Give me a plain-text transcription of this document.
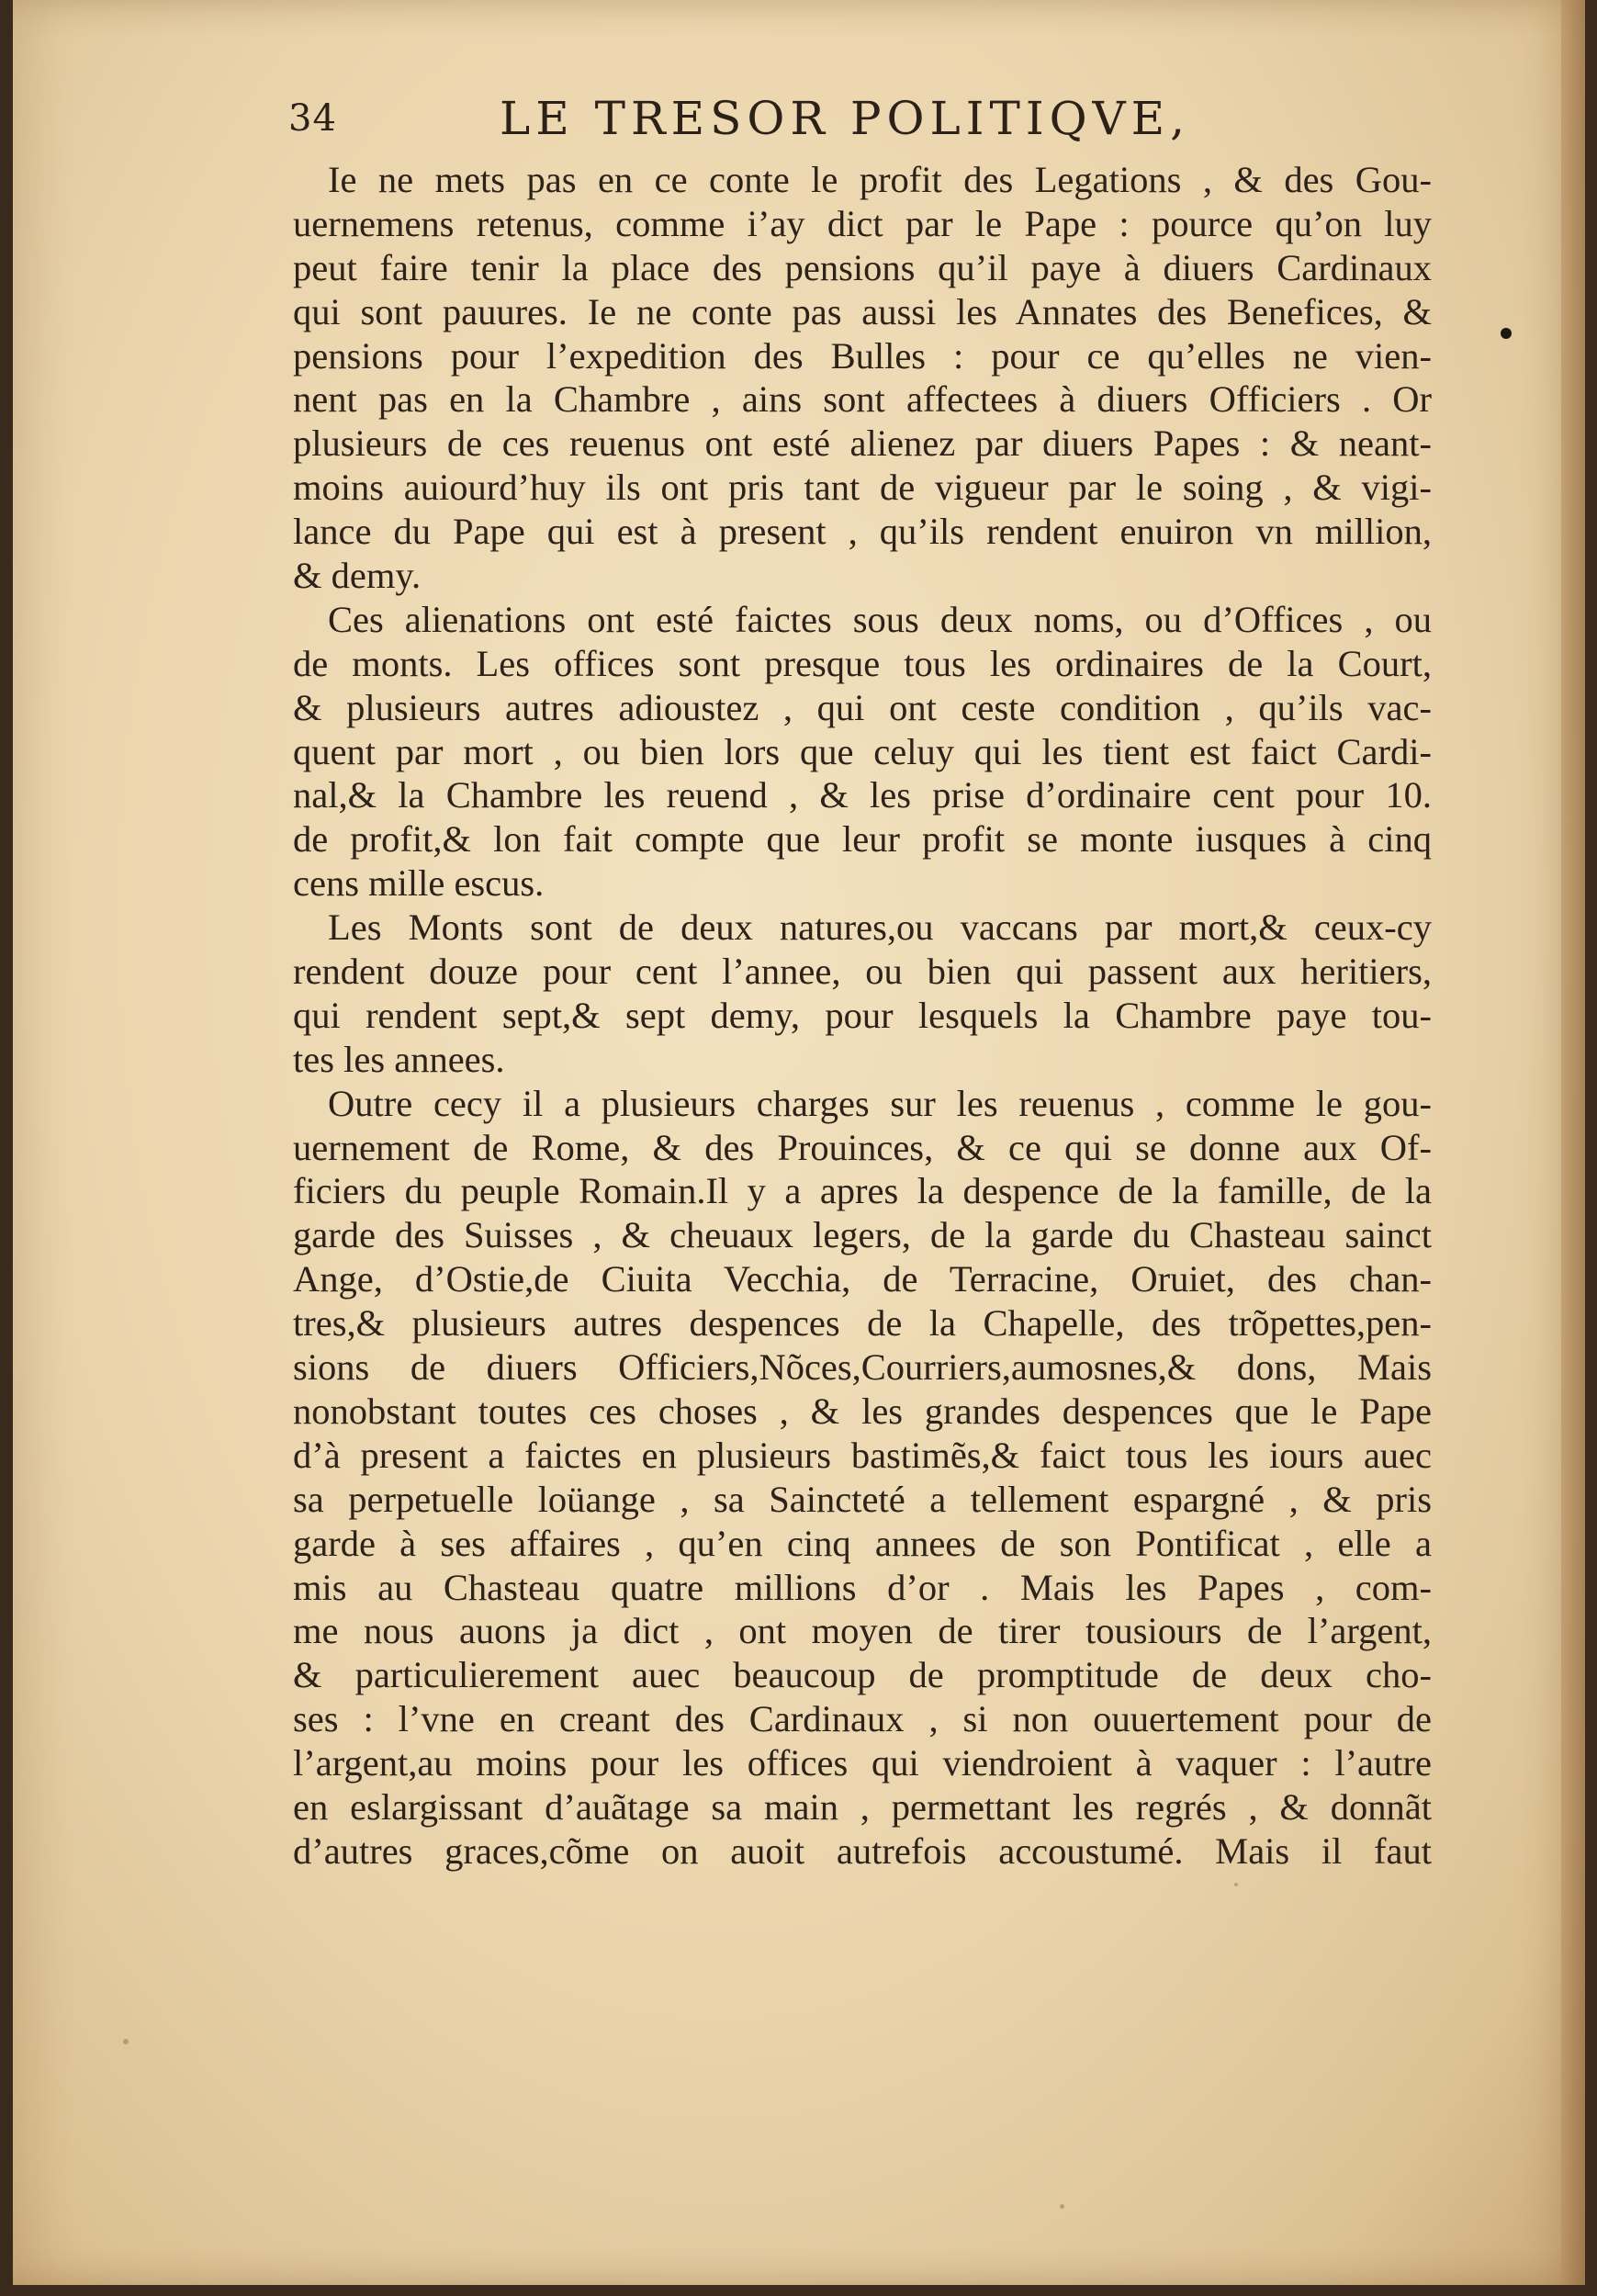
34	LE TRESOR POLITIQVE,
Ie ne mets pas en ce conte le profit des Legations , & des Gou-
uernemens retenus, comme i’ay dict par le Pape : pource qu’on luy
peut faire tenir la place des pensions qu’il paye à diuers Cardinaux
qui sont pauures. Ie ne conte pas aussi les Annates des Benefices, &
pensions pour l’expedition des Bulles : pour ce qu’elles ne vien-
nent pas en la Chambre , ains sont affectees à diuers Officiers . Or
plusieurs de ces reuenus ont esté alienez par diuers Papes : & neant-
moins auiourd’huy ils ont pris tant de vigueur par le soing , & vigi-
lance du Pape qui est à present , qu’ils rendent enuiron vn million,
& demy.
Ces alienations ont esté faictes sous deux noms, ou d’Offices , ou
de monts. Les offices sont presque tous les ordinaires de la Court,
& plusieurs autres adioustez , qui ont ceste condition , qu’ils vac-
quent par mort , ou bien lors que celuy qui les tient est faict Cardi-
nal,& la Chambre les reuend , & les prise d’ordinaire cent pour 10.
de profit,& lon fait compte que leur profit se monte iusques à cinq
cens mille escus.
Les Monts sont de deux natures,ou vaccans par mort,& ceux-cy
rendent douze pour cent l’annee, ou bien qui passent aux heritiers,
qui rendent sept,& sept demy, pour lesquels la Chambre paye tou-
tes les annees.
Outre cecy il a plusieurs charges sur les reuenus , comme le gou-
uernement de Rome, & des Prouinces, & ce qui se donne aux Of-
ficiers du peuple Romain.Il y a apres la despence de la famille, de la
garde des Suisses , & cheuaux legers, de la garde du Chasteau sainct
Ange, d’Ostie,de Ciuita Vecchia, de Terracine, Oruiet, des chan-
tres,& plusieurs autres despences de la Chapelle, des trõpettes,pen-
sions de diuers Officiers,Nõces,Courriers,aumosnes,& dons, Mais
nonobstant toutes ces choses , & les grandes despences que le Pape
d’à present a faictes en plusieurs bastimẽs,& faict tous les iours auec
sa perpetuelle loüange , sa Saincteté a tellement espargné , & pris
garde à ses affaires , qu’en cinq annees de son Pontificat , elle a
mis au Chasteau quatre millions d’or . Mais les Papes , com-
me nous auons ja dict , ont moyen de tirer tousiours de l’argent,
& particulierement auec beaucoup de promptitude de deux cho-
ses : l’vne en creant des Cardinaux , si non ouuertement pour de
l’argent,au moins pour les offices qui viendroient à vaquer : l’autre
en eslargissant d’auãtage sa main , permettant les regrés , & donnãt
d’autres graces,cõme on auoit autrefois accoustumé. Mais il faut
